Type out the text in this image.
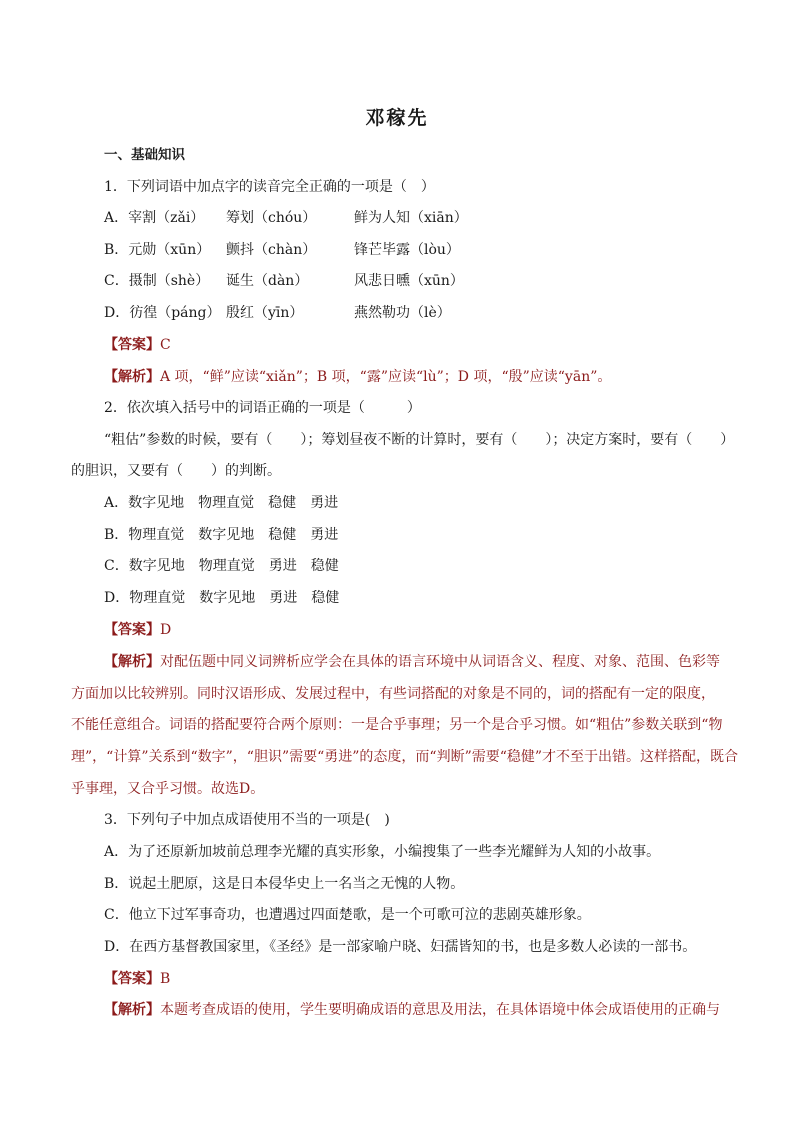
邓稼先
一、基础知识
1．下列词语中加点字的读音完全正确的一项是（　）
A．宰割（zǎi） 筹划（chóu）	鲜为人知（xiān）
B．元勋（xūn） 颤抖（chàn）	锋芒毕露（lòu）
C．摄制（shè） 诞生（dàn）	风悲日曛（xūn）
D．彷徨（páng） 殷红（yīn）	燕然勒功（lè）
【答案】C
【解析】A 项，“鲜”应读“xiǎn”；B 项，“露”应读“lù”；D 项，“殷”应读“yān”。
2．依次填入括号中的词语正确的一项是（　　　）
“粗估”参数的时候，要有（　　）；筹划昼夜不断的计算时，要有（　　）；决定方案时，要有（　　）
的胆识，又要有（　　）的判断。
A．数字见地　物理直觉　稳健　勇进
B．物理直觉　数字见地　稳健　勇进
C．数字见地　物理直觉　勇进　稳健
D．物理直觉　数字见地　勇进　稳健
【答案】D
【解析】对配伍题中同义词辨析应学会在具体的语言环境中从词语含义、程度、对象、范围、色彩等
方面加以比较辨别。同时汉语形成、发展过程中，有些词搭配的对象是不同的，词的搭配有一定的限度，
不能任意组合。词语的搭配要符合两个原则：一是合乎事理；另一个是合乎习惯。如“粗估”参数关联到“物
理”，“计算”关系到“数字”，“胆识”需要“勇进”的态度，而“判断”需要“稳健”才不至于出错。这样搭配，既合
乎事理，又合乎习惯。故选D。
3．下列句子中加点成语使用不当的一项是(　)
A．为了还原新加坡前总理李光耀的真实形象，小编搜集了一些李光耀鲜为人知的小故事。
B．说起土肥原，这是日本侵华史上一名当之无愧的人物。
C．他立下过军事奇功，也遭遇过四面楚歌，是一个可歌可泣的悲剧英雄形象。
D．在西方基督教国家里，《圣经》是一部家喻户晓、妇孺皆知的书，也是多数人必读的一部书。
【答案】B
【解析】本题考查成语的使用，学生要明确成语的意思及用法，在具体语境中体会成语使用的正确与
